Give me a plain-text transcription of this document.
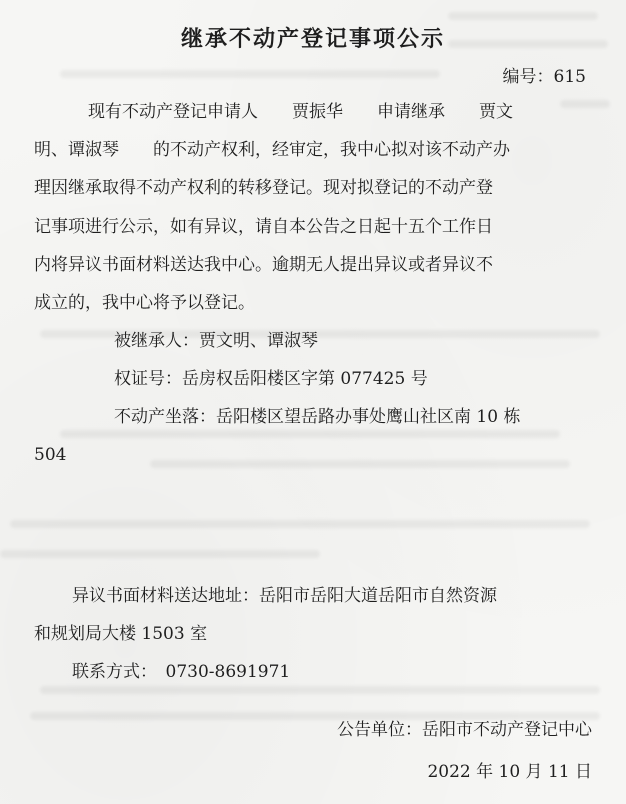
继承不动产登记事项公示
编号：615
现有不动产登记申请人　　贾振华　　申请继承　　贾文
明、谭淑琴　　的不动产权利，经审定，我中心拟对该不动产办
理因继承取得不动产权利的转移登记。现对拟登记的不动产登
记事项进行公示，如有异议，请自本公告之日起十五个工作日
内将异议书面材料送达我中心。逾期无人提出异议或者异议不
成立的，我中心将予以登记。
被继承人：贾文明、谭淑琴
权证号：岳房权岳阳楼区字第 077425 号
不动产坐落：岳阳楼区望岳路办事处鹰山社区南 10 栋
504
异议书面材料送达地址：岳阳市岳阳大道岳阳市自然资源
和规划局大楼 1503 室
联系方式：　0730-8691971
公告单位：岳阳市不动产登记中心
2022 年 10 月 11 日
